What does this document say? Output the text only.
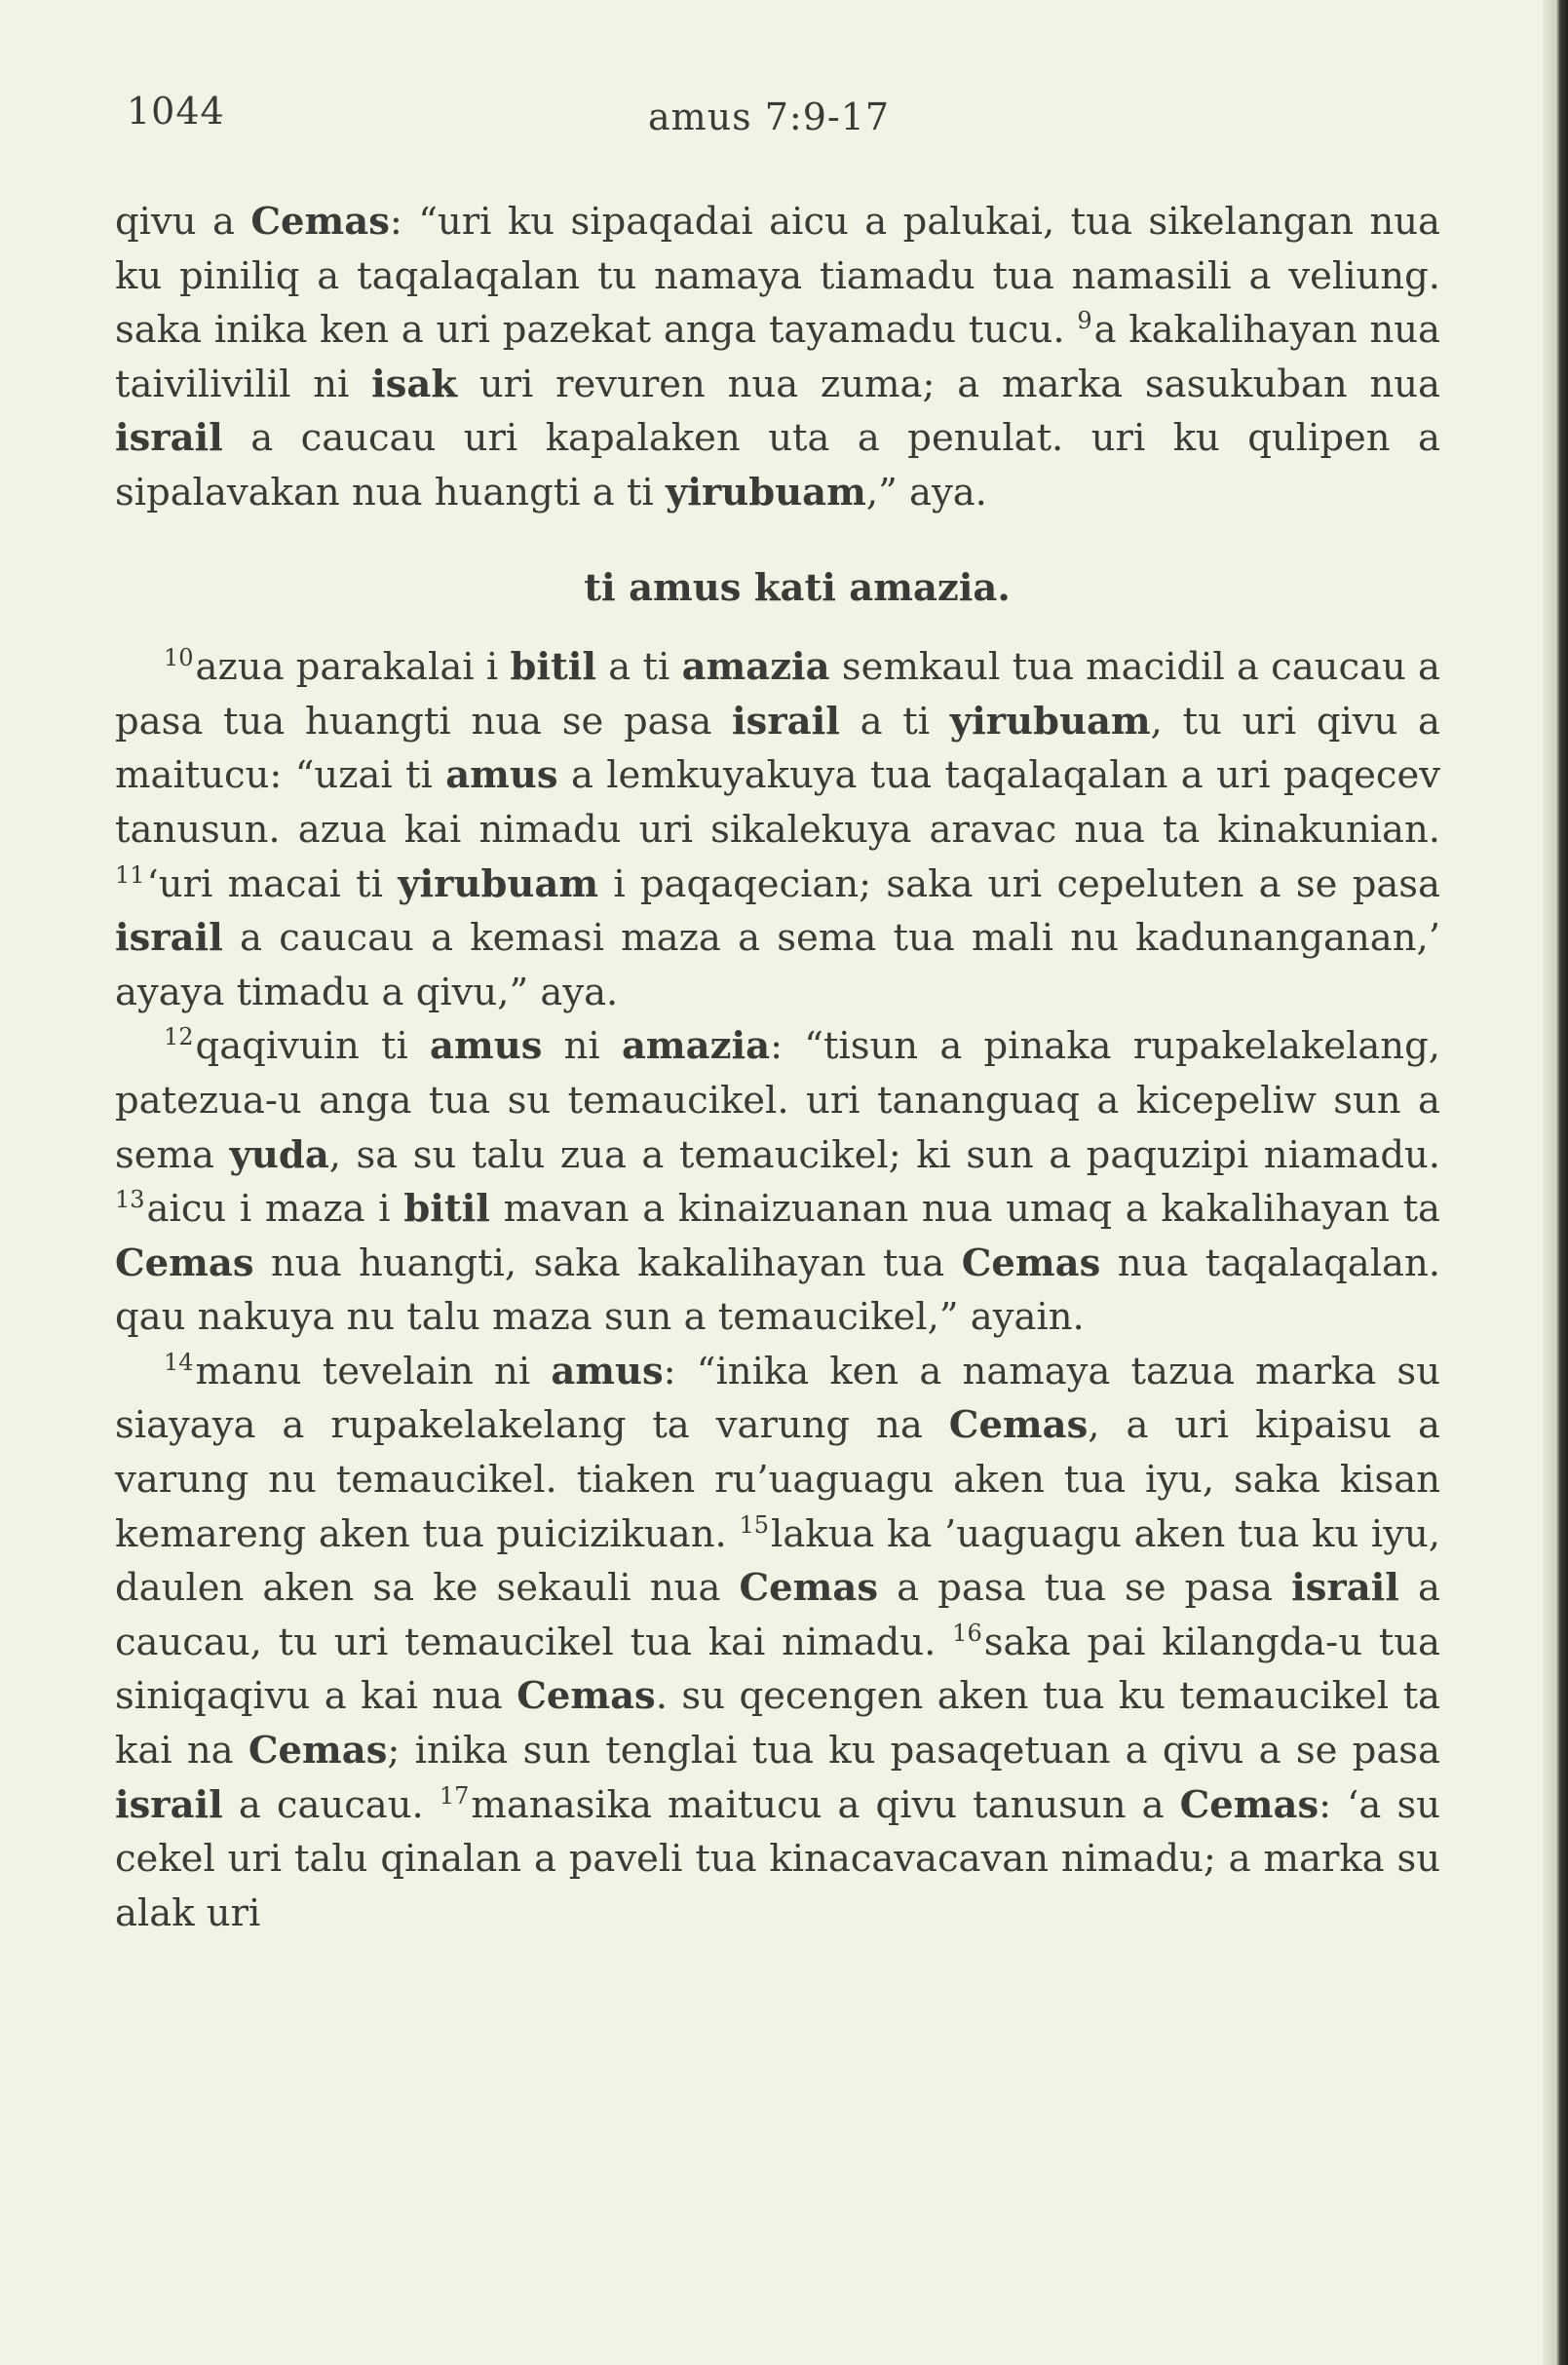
1044	amus 7:9-17

qivu a Cemas: “uri ku sipaqadai aicu a palukai, tua sikelangan nua ku piniliq a taqalaqalan tu namaya tiamadu tua namasili a veliung. saka inika ken a uri pazekat anga tayamadu tucu. $^9$a kakalihayan nua taivilivilil ni isak uri revuren nua zuma; a marka sasukuban nua israil a caucau uri kapalaken uta a penulat. uri ku qulipen a sipalavakan nua huangti a ti yirubuam,” aya.

ti amus kati amazia.

$^{10}$azua parakalai i bitil a ti amazia semkaul tua macidil a caucau a pasa tua huangti nua se pasa israil a ti yirubuam, tu uri qivu a maitucu: “uzai ti amus a lemkuyakuya tua taqalaqalan a uri paqecev tanusun. azua kai nimadu uri sikalekuya aravac nua ta kinakunian. $^{11}$‘uri macai ti yirubuam i paqaqecian; saka uri cepeluten a se pasa israil a caucau a kemasi maza a sema tua mali nu kadunanganan,’ ayaya timadu a qivu,” aya.

$^{12}$qaqivuin ti amus ni amazia: “tisun a pinaka rupakelakelang, patezua-u anga tua su temaucikel. uri tananguaq a kicepeliw sun a sema yuda, sa su talu zua a temaucikel; ki sun a paquzipi niamadu. $^{13}$aicu i maza i bitil mavan a kinaizuanan nua umaq a kakalihayan ta Cemas nua huangti, saka kakalihayan tua Cemas nua taqalaqalan. qau nakuya nu talu maza sun a temaucikel,” ayain.

$^{14}$manu tevelain ni amus: “inika ken a namaya tazua marka su siayaya a rupakelakelang ta varung na Cemas, a uri kipaisu a varung nu temaucikel. tiaken ru’uaguagu aken tua iyu, saka kisan kemareng aken tua puicizikuan. $^{15}$lakua ka ’uaguagu aken tua ku iyu, daulen aken sa ke sekauli nua Cemas a pasa tua se pasa israil a caucau, tu uri temaucikel tua kai nimadu. $^{16}$saka pai kilangda-u tua siniqaqivu a kai nua Cemas. su qecengen aken tua ku temaucikel ta kai na Cemas; inika sun tenglai tua ku pasaqetuan a qivu a se pasa israil a caucau. $^{17}$manasika maitucu a qivu tanusun a Cemas: ‘a su cekel uri talu qinalan a paveli tua kinacavacavan nimadu; a marka su alak uri
